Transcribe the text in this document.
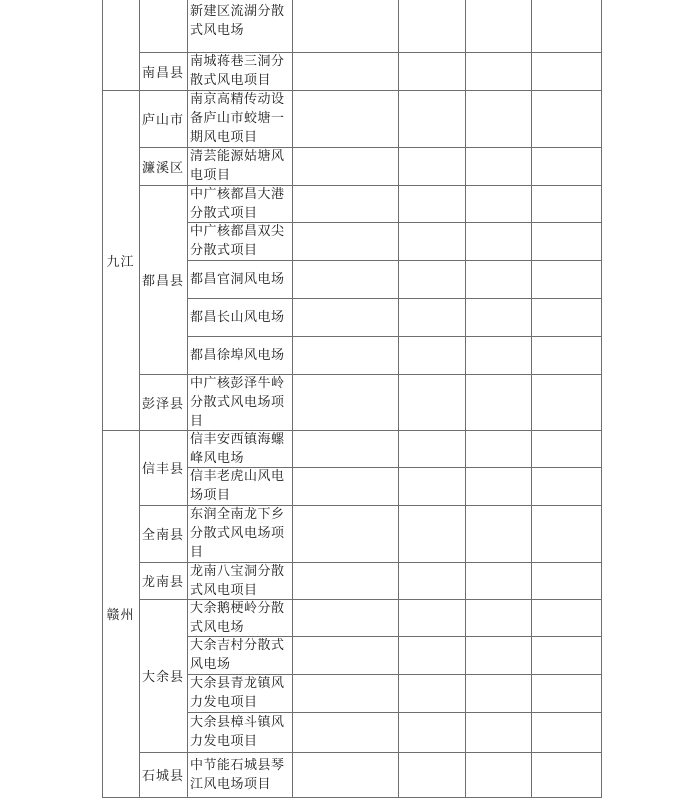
新建区流湖分散式风电场
南城蒋巷三洞分散式风电项目
南昌县
南京高精传动设备庐山市蛟塘一期风电项目
庐山市
清芸能源姑塘风电项目
濂溪区
中广核都昌大港分散式项目
中广核都昌双尖分散式项目
都昌官洞风电场
都昌长山风电场
都昌徐埠风电场
都昌县
中广核彭泽牛岭分散式风电场项目
彭泽县
九江
信丰安西镇海螺峰风电场
信丰老虎山风电场项目
信丰县
东润全南龙下乡分散式风电场项目
全南县
龙南八宝洞分散式风电项目
龙南县
大余鹅梗岭分散式风电场
大余吉村分散式风电场
大余县青龙镇风力发电项目
大余县樟斗镇风力发电项目
大余县
中节能石城县琴江风电场项目
石城县
赣州
